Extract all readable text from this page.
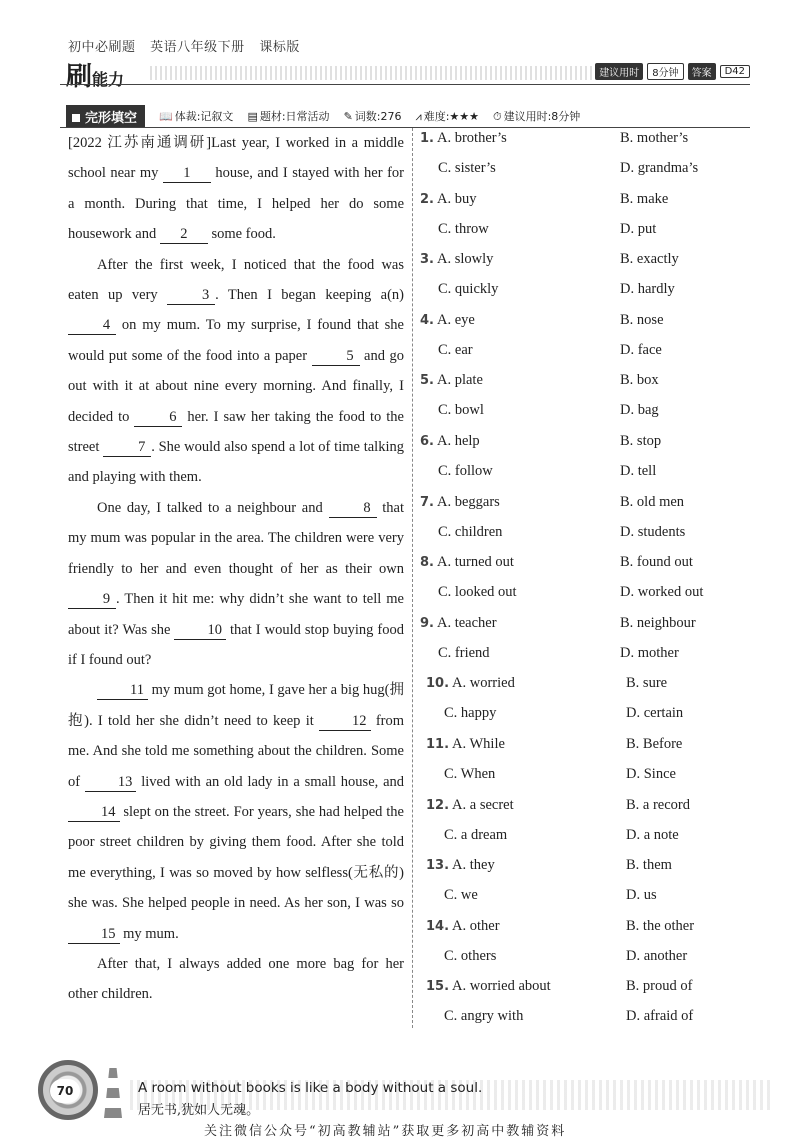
初中必刷题 英语八年级下册 课标版
刷能力	建议用时	8分钟	答案	D42
完形填空	📖 体裁:记叙文 ▤ 题材:日常活动 ✎ 词数:276 ⩘ 难度:★★★ ⏱ 建议用时:8分钟

[2022 江苏南通调研]Last year, I worked in a middle school near my 1 house, and I stayed with her for a month. During that time, I helped her do some housework and 2 some food.

After the first week, I noticed that the food was eaten up very 3 . Then I began keeping a(n) 4 on my mum. To my surprise, I found that she would put some of the food into a paper 5 and go out with it at about nine every morning. And finally, I decided to 6 her. I saw her taking the food to the street 7 . She would also spend a lot of time talking and playing with them.

One day, I talked to a neighbour and 8 that my mum was popular in the area. The children were very friendly to her and even thought of her as their own 9 . Then it hit me: why didn’t she want to tell me about it? Was she 10 that I would stop buying food if I found out?

11 my mum got home, I gave her a big hug(拥抱). I told her she didn’t need to keep it 12 from me. And she told me something about the children. Some of 13 lived with an old lady in a small house, and 14 slept on the street. For years, she had helped the poor street children by giving them food. After she told me everything, I was so moved by how selfless(无私的) she was. She helped people in need. As her son, I was so 15 my mum.

After that, I always added one more bag for her other children.

1. A. brother’s	B. mother’s
C. sister’s	D. grandma’s
2. A. buy	B. make
C. throw	D. put
3. A. slowly	B. exactly
C. quickly	D. hardly
4. A. eye	B. nose
C. ear	D. face
5. A. plate	B. box
C. bowl	D. bag
6. A. help	B. stop
C. follow	D. tell
7. A. beggars	B. old men
C. children	D. students
8. A. turned out	B. found out
C. looked out	D. worked out
9. A. teacher	B. neighbour
C. friend	D. mother
10. A. worried	B. sure
C. happy	D. certain
11. A. While	B. Before
C. When	D. Since
12. A. a secret	B. a record
C. a dream	D. a note
13. A. they	B. them
C. we	D. us
14. A. other	B. the other
C. others	D. another
15. A. worried about	B. proud of
C. angry with	D. afraid of
70	A room without books is like a body without a soul.
居无书,犹如人无魂。
关注微信公众号“初高教辅站”获取更多初高中教辅资料
